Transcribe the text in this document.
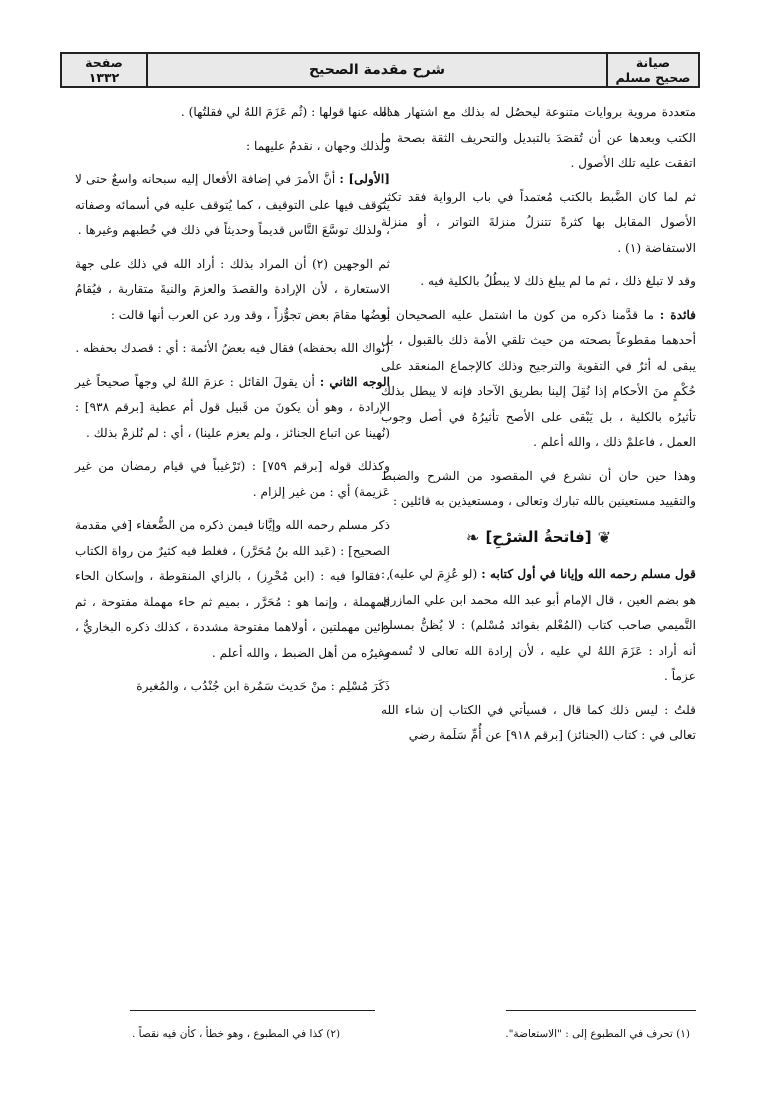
صيانة
صحيح مسلم
شرح مقدمة الصحيح
صفحة
١٣٣٢

متعددة مروية بروايات متنوعة ليحصُل له بذلك مع اشتهار هذه الكتب وبعدها عن أن تُقصَدَ بالتبديل والتحريف الثقة بصحة ما اتفقت عليه تلك الأصول .

ثم لما كان الضَّبط بالكتب مُعتمداً في باب الرواية فقد تكثر الأصول المقابل بها كثرةً تتنزلُ منزلةَ التواتر ، أو منزلة الاستفاضة (١) .

وقد لا تبلغ ذلك ، ثم ما لم يبلغ ذلك لا يبطُلُ بالكلية فيه .

فائدة : ما قدَّمنا ذكره من كون ما اشتمل عليه الصحيحان أو أحدهما مقطوعاً بصحته من حيث تلقي الأمة ذلك بالقبول ، بل يبقى له أثرٌ في التقوية والترجيح وذلك كالإجماع المنعقد على حُكْمٍ منَ الأحكام إذا نُقِلَ إلينا بطريق الآحاد فإنه لا يبطل بذلك تأثيرُه بالكلية ، بل يَبْقى على الأصح تأثيرُهُ في أصل وجوب العمل ، فاعلمْ ذلك ، والله أعلم .

وهذا حين حان أن نشرع في المقصود من الشرح والضبط والتقييد مستعينين بالله تبارك وتعالى ، ومستعيذين به قائلين :

❦
[فاتحةُ الشرْحِ]
❧

قول مسلم رحمه الله وإيانا في أول كتابه : (لو عُزِمَ لي عليه) : هو بضم العين ، قال الإمام أبو عبد الله محمد ابن علي المازري التَّميمي صاحب كتاب (المُعْلم بفوائد مُسْلم) : لا يُظنُّ بمسلم أنه أراد : عَزَمَ اللهُ لي عليه ، لأن إرادة الله تعالى لا تُسمى عزماً .

قلتُ : ليس ذلك كما قال ، فسيأتي في الكتاب إن شاء الله تعالى في : كتاب (الجنائز) [برقم ٩١٨] عن أُمِّ سَلَمة رضي

الله عنها قولها : (ثُم عَزَمَ اللهُ لي فقلتُها) .

ولذلك وجهان ، نقدمُ عليهما :

[الأولى] : أنَّ الأمرَ في إضافة الأفعال إليه سبحانه واسعٌ حتى لا يتوقف فيها على التوقيف ، كما يُتوقف عليه في أسمائه وصفاته ، ولذلك توسَّعَ النَّاس قديماً وحديثاً في ذلك في خُطبهم وغيرها .

ثم الوجهين (٢) أن المراد بذلك : أراد الله في ذلك على جهة الاستعارة ، لأن الإرادة والقصدَ والعزمَ والنيةَ متقاربة ، فيُقامُ بعضُها مقامَ بعض تجوُّزاً ، وقد ورد عن العرب أنها قالت :

(نواك الله بحفظه) فقال فيه بعضُ الأئمة : أي : قصدك بحفظه .

الوجه الثاني : أن يقولَ القائل : عزمَ اللهُ لي وجهاً صحيحاً غير الإرادة ، وهو أن يكونَ من قَبيل قول أم عطية [برقم ٩٣٨] : (نُهينا عن اتباع الجنائز ، ولم يعزم علينا) ، أي : لم نُلزمْ بذلك .

وكذلك قوله [برقم ٧٥٩] : (تَرْغيباً في قيام رمضان من غير عَزيمة) أي : من غير إلزام .

ذكر مسلم رحمه الله وإيَّانا فيمن ذكره من الضُّعفاء [في مقدمة الصحيح] : (عَبد الله بنُ مُحَرَّر) ، فغلط فيه كثيرٌ من رواة الكتاب ، فقالوا فيه : (ابن مُحْرِز) ، بالزاي المنقوطة ، وإسكان الحاء المهملة ، وإنما هو : مُحَرَّر ، بميم ثم حاء مهملة مفتوحة ، ثم رائين مهملتين ، أولاهما مفتوحة مشددة ، كذلك ذكره البخاريُّ ، وغيرُه من أهل الضبط ، والله أعلم .

ذَكَرَ مُسْلِم : منْ حَديث سَمُرة ابن جُنْدُب ، والمُغيرة

(١) تحرف في المطبوع إلى : "الاستعاضة".
(٢) كذا في المطبوع ، وهو خطأ ، كأن فيه نقصاً .
